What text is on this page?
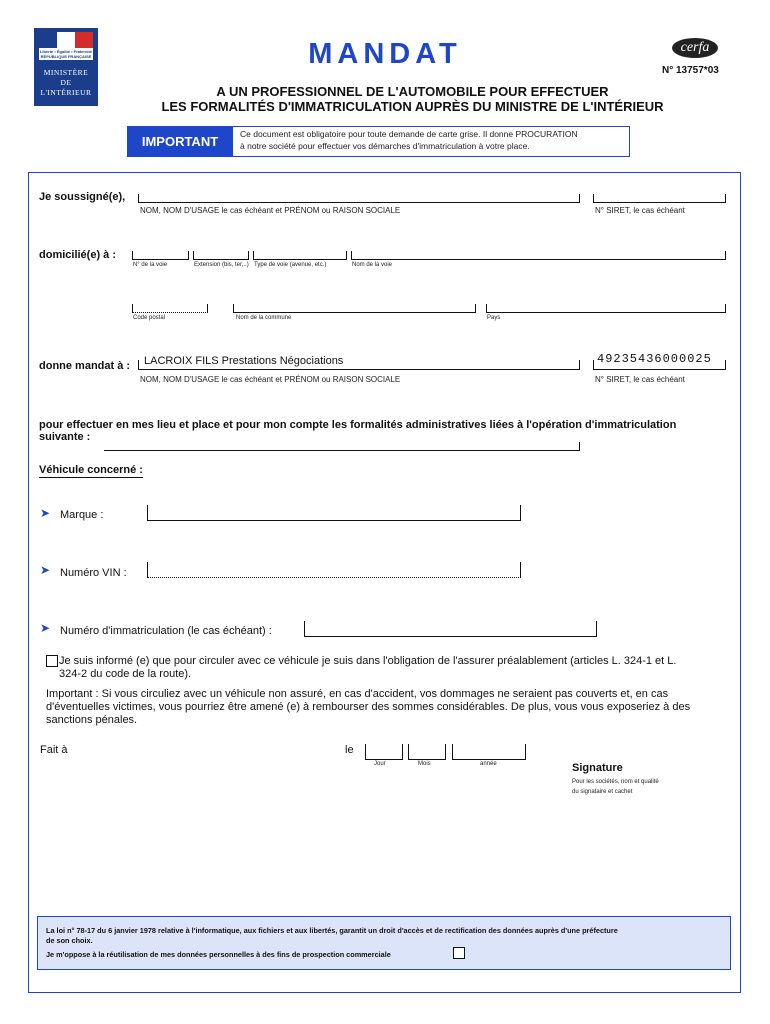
Liberté • Égalité • Fraternité RÉPUBLIQUE FRANÇAISE
MINISTÈRE
DE
L'INTÉRIEUR
MANDAT	cerfa
N° 13757*03
A UN PROFESSIONNEL DE L'AUTOMOBILE POUR EFFECTUER
LES FORMALITÉS D'IMMATRICULATION AUPRÈS DU MINISTRE DE L'INTÉRIEUR
IMPORTANT	Ce document est obligatoire pour toute demande de carte grise. Il donne PROCURATION
à notre société pour effectuer vos démarches d'immatriculation à votre place.
Je soussigné(e),
NOM, NOM D'USAGE le cas échéant et PRÉNOM ou RAISON SOCIALE	N° SIRET, le cas échéant
domicilié(e) à :
N° de la voie	Extension (bis, ter,..) Type de voie (avenue, etc.)	Nom de la voie
Code postal	Nom de la commune	Pays
donne mandat à : LACROIX FILS Prestations Négociations	49235436000025
NOM, NOM D'USAGE le cas échéant et PRÉNOM ou RAISON SOCIALE	N° SIRET, le cas échéant
pour effectuer en mes lieu et place et pour mon compte les formalités administratives liées à l'opération d'immatriculation
suivante :
Véhicule concerné :
➤ Marque :
➤ Numéro VIN :
➤ Numéro d'immatriculation (le cas échéant) :
Je suis informé (e) que pour circuler avec ce véhicule je suis dans l'obligation de l'assurer préalablement (articles L. 324-1 et L.
324-2 du code de la route).
Important : Si vous circuliez avec un véhicule non assuré, en cas d'accident, vos dommages ne seraient pas couverts et, en cas
d'éventuelles victimes, vous pourriez être amené (e) à rembourser des sommes considérables. De plus, vous vous exposeriez à des
sanctions pénales.
Fait à	le
Jour	Mois	année	Signature
Pour les sociétés, nom et qualité
du signataire et cachet
La loi n° 78-17 du 6 janvier 1978 relative à l'informatique, aux fichiers et aux libertés, garantit un droit d'accès et de rectification des données auprès d'une préfecture
de son choix.
Je m'oppose à la réutilisation de mes données personnelles à des fins de prospection commerciale
